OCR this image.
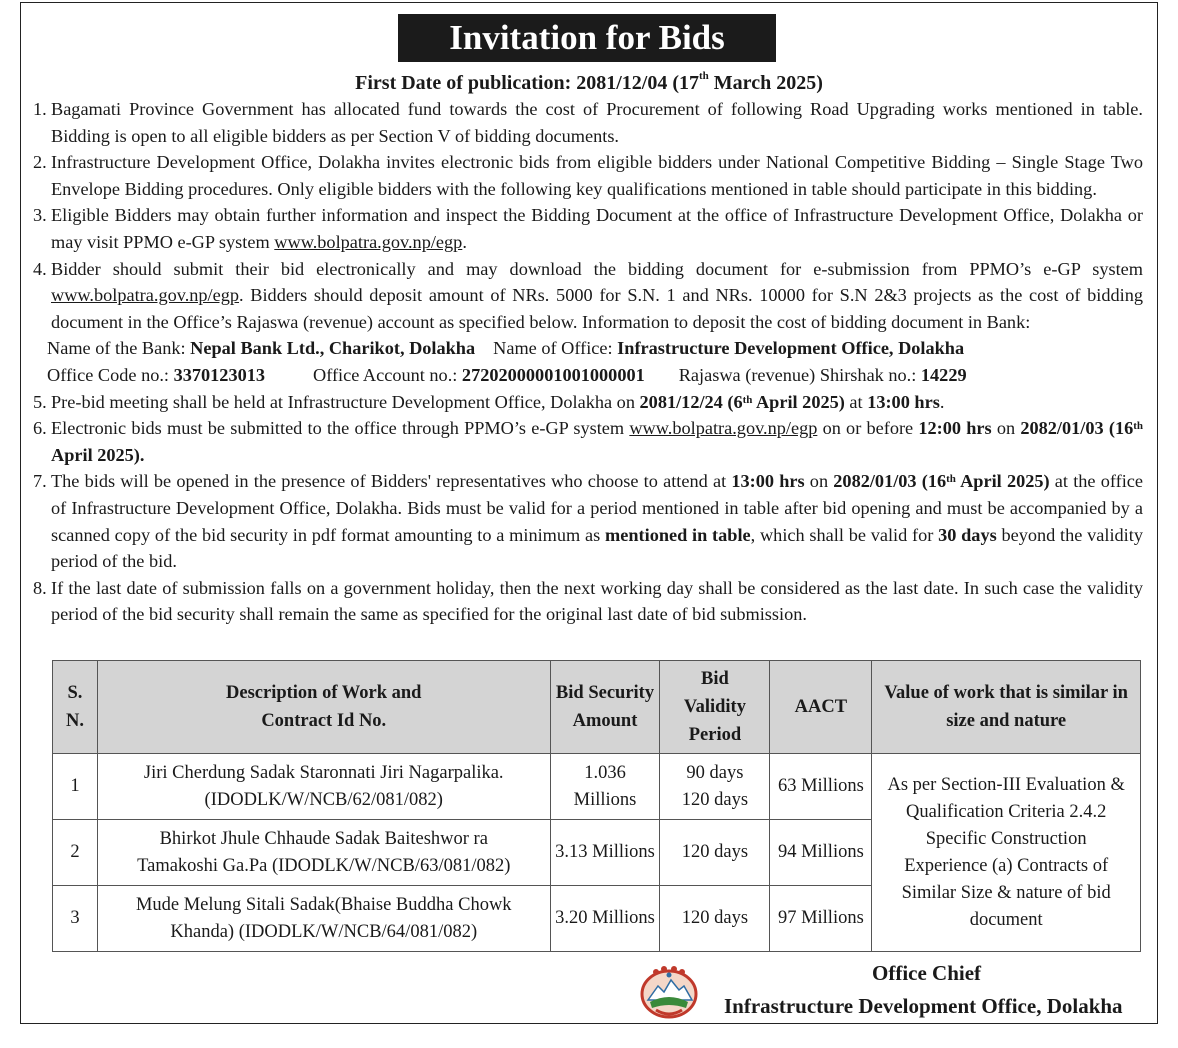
Invitation for Bids
First Date of publication: 2081/12/04 (17th March 2025)
1. Bagamati Province Government has allocated fund towards the cost of Procurement of following Road Upgrading works mentioned in table. Bidding is open to all eligible bidders as per Section V of bidding documents.
2. Infrastructure Development Office, Dolakha invites electronic bids from eligible bidders under National Competitive Bidding – Single Stage Two Envelope Bidding procedures. Only eligible bidders with the following key qualifications mentioned in table should participate in this bidding.
3. Eligible Bidders may obtain further information and inspect the Bidding Document at the office of Infrastructure Development Office, Dolakha or may visit PPMO e-GP system www.bolpatra.gov.np/egp.
4. Bidder should submit their bid electronically and may download the bidding document for e-submission from PPMO’s e-GP system www.bolpatra.gov.np/egp. Bidders should deposit amount of NRs. 5000 for S.N. 1 and NRs. 10000 for S.N 2&3 projects as the cost of bidding document in the Office’s Rajaswa (revenue) account as specified below. Information to deposit the cost of bidding document in Bank:
Name of the Bank: Nepal Bank Ltd., Charikot, Dolakha Name of Office: Infrastructure Development Office, Dolakha
Office Code no.: 3370123013	Office Account no.: 27202000001001000001 Rajaswa (revenue) Shirshak no.: 14229
5. Pre-bid meeting shall be held at Infrastructure Development Office, Dolakha on 2081/12/24 (6th April 2025) at 13:00 hrs.
6. Electronic bids must be submitted to the office through PPMO’s e-GP system www.bolpatra.gov.np/egp on or before 12:00 hrs on 2082/01/03 (16th April 2025).
7. The bids will be opened in the presence of Bidders' representatives who choose to attend at 13:00 hrs on 2082/01/03 (16th April 2025) at the office of Infrastructure Development Office, Dolakha. Bids must be valid for a period mentioned in table after bid opening and must be accompanied by a scanned copy of the bid security in pdf format amounting to a minimum as mentioned in table, which shall be valid for 30 days beyond the validity period of the bid.
8. If the last date of submission falls on a government holiday, then the next working day shall be considered as the last date. In such case the validity period of the bid security shall remain the same as specified for the original last date of bid submission.
S. N.	Description of Work and Contract Id No.	Bid Security Amount	Bid Validity Period	AACT	Value of work that is similar in size and nature
1	Jiri Cherdung Sadak Staronnati Jiri Nagarpalika. (IDODLK/W/NCB/62/081/082)	1.036 Millions	90 days 120 days	63 Millions	As per Section-III Evaluation & Qualification Criteria 2.4.2 Specific Construction Experience (a) Contracts of Similar Size & nature of bid document
2	Bhirkot Jhule Chhaude Sadak Baiteshwor ra Tamakoshi Ga.Pa (IDODLK/W/NCB/63/081/082)	3.13 Millions	120 days	94 Millions	
3	Mude Melung Sitali Sadak(Bhaise Buddha Chowk Khanda) (IDODLK/W/NCB/64/081/082)	3.20 Millions	120 days	97 Millions	
Office Chief
Infrastructure Development Office, Dolakha
